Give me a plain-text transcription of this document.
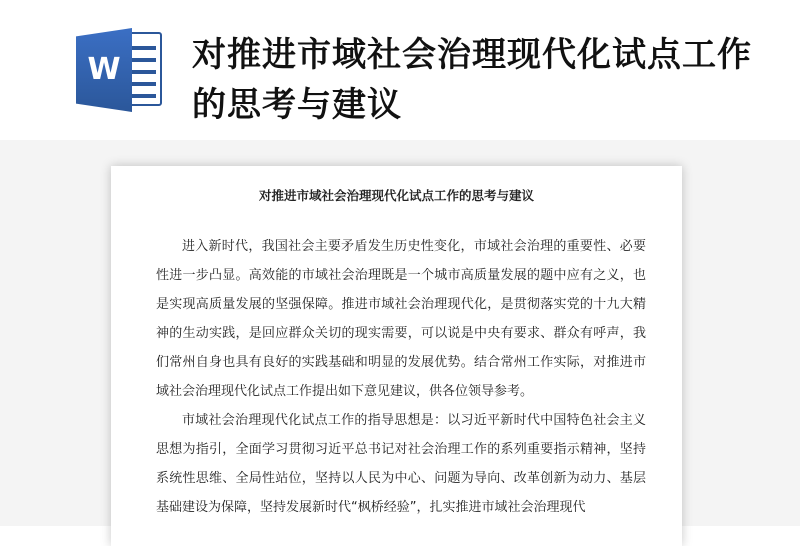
W 对推进市域社会治理现代化试点工作的思考与建议
对推进市域社会治理现代化试点工作的思考与建议

进入新时代，我国社会主要矛盾发生历史性变化，市域社会治理的重要性、必要性进一步凸显。高效能的市域社会治理既是一个城市高质量发展的题中应有之义，也是实现高质量发展的坚强保障。推进市域社会治理现代化，是贯彻落实党的十九大精神的生动实践，是回应群众关切的现实需要，可以说是中央有要求、群众有呼声，我们常州自身也具有良好的实践基础和明显的发展优势。结合常州工作实际，对推进市域社会治理现代化试点工作提出如下意见建议，供各位领导参考。

市域社会治理现代化试点工作的指导思想是：以习近平新时代中国特色社会主义思想为指引，全面学习贯彻习近平总书记对社会治理工作的系列重要指示精神，坚持系统性思维、全局性站位，坚持以人民为中心、问题为导向、改革创新为动力、基层基础建设为保障，坚持发展新时代“枫桥经验”，扎实推进市域社会治理现代
